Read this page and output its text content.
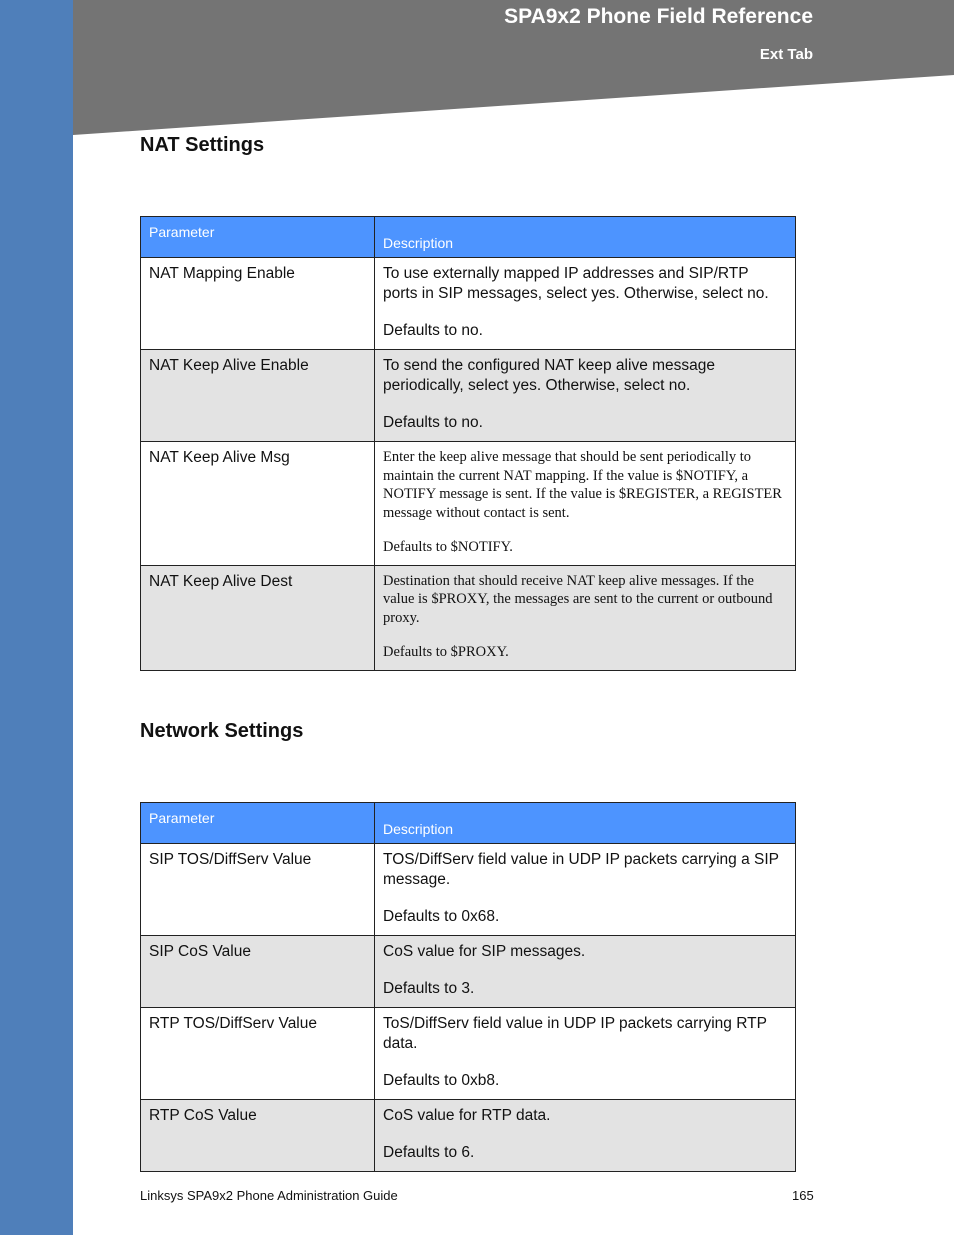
SPA9x2 Phone Field Reference
Ext Tab
NAT Settings
Parameter	Description
NAT Mapping Enable	To use externally mapped IP addresses and SIP/RTP ports in SIP messages, select yes. Otherwise, select no.

Defaults to no.

NAT Keep Alive Enable	To send the configured NAT keep alive message periodically, select yes. Otherwise, select no.

Defaults to no.

NAT Keep Alive Msg	Enter the keep alive message that should be sent periodically to maintain the current NAT mapping. If the value is $NOTIFY, a NOTIFY message is sent. If the value is $REGISTER, a REGISTER message without contact is sent.

Defaults to $NOTIFY.

NAT Keep Alive Dest	Destination that should receive NAT keep alive messages. If the value is $PROXY, the messages are sent to the current or outbound proxy.

Defaults to $PROXY.

Network Settings
Parameter	Description
SIP TOS/DiffServ Value	TOS/DiffServ field value in UDP IP packets carrying a SIP message.

Defaults to 0x68.

SIP CoS Value	CoS value for SIP messages.

Defaults to 3.

RTP TOS/DiffServ Value	ToS/DiffServ field value in UDP IP packets carrying RTP data.

Defaults to 0xb8.

RTP CoS Value	CoS value for RTP data.

Defaults to 6.

Linksys SPA9x2 Phone Administration Guide	165
